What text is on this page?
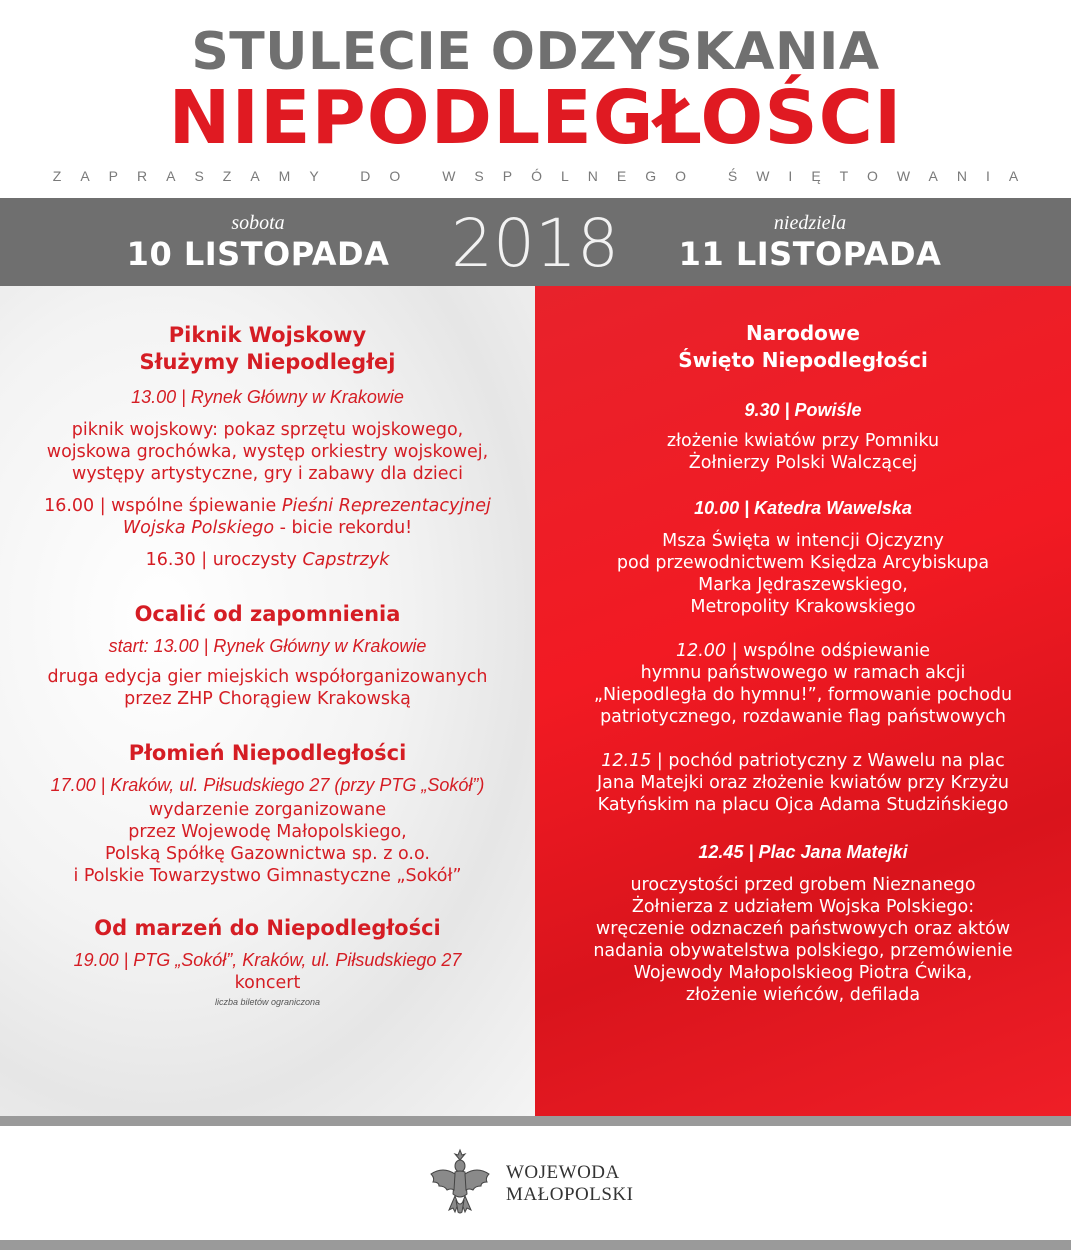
STULECIE ODZYSKANIA
NIEPODLEGŁOŚCI
ZAPRASZAMY DO WSPÓLNEGO ŚWIĘTOWANIA
sobota
10 LISTOPADA 2018	niedziela
11 LISTOPADA
Piknik Wojskowy
Służymy Niepodległej
13.00 | Rynek Główny w Krakowie
piknik wojskowy: pokaz sprzętu wojskowego,
wojskowa grochówka, występ orkiestry wojskowej,
występy artystyczne, gry i zabawy dla dzieci
16.00 | wspólne śpiewanie Pieśni Reprezentacyjnej
Wojska Polskiego - bicie rekordu!
16.30 | uroczysty Capstrzyk
Ocalić od zapomnienia
start: 13.00 | Rynek Główny w Krakowie
druga edycja gier miejskich współorganizowanych
przez ZHP Chorągiew Krakowską
Płomień Niepodległości
17.00 | Kraków, ul. Piłsudskiego 27 (przy PTG „Sokół”)
wydarzenie zorganizowane
przez Wojewodę Małopolskiego,
Polską Spółkę Gazownictwa sp. z o.o.
i Polskie Towarzystwo Gimnastyczne „Sokół”
Od marzeń do Niepodległości
19.00 | PTG „Sokół”, Kraków, ul. Piłsudskiego 27
koncert
liczba biletów ograniczona
Narodowe
Święto Niepodległości
9.30 | Powiśle
złożenie kwiatów przy Pomniku
Żołnierzy Polski Walczącej
10.00 | Katedra Wawelska
Msza Święta w intencji Ojczyzny
pod przewodnictwem Księdza Arcybiskupa
Marka Jędraszewskiego,
Metropolity Krakowskiego
12.00 | wspólne odśpiewanie
hymnu państwowego w ramach akcji
„Niepodległa do hymnu!”, formowanie pochodu
patriotycznego, rozdawanie flag państwowych
12.15 | pochód patriotyczny z Wawelu na plac
Jana Matejki oraz złożenie kwiatów przy Krzyżu
Katyńskim na placu Ojca Adama Studzińskiego
12.45 | Plac Jana Matejki
uroczystości przed grobem Nieznanego
Żołnierza z udziałem Wojska Polskiego:
wręczenie odznaczeń państwowych oraz aktów
nadania obywatelstwa polskiego, przemówienie
Wojewody Małopolskieog Piotra Ćwika,
złożenie wieńców, defilada
WOJEWODA
MAŁOPOLSKI
